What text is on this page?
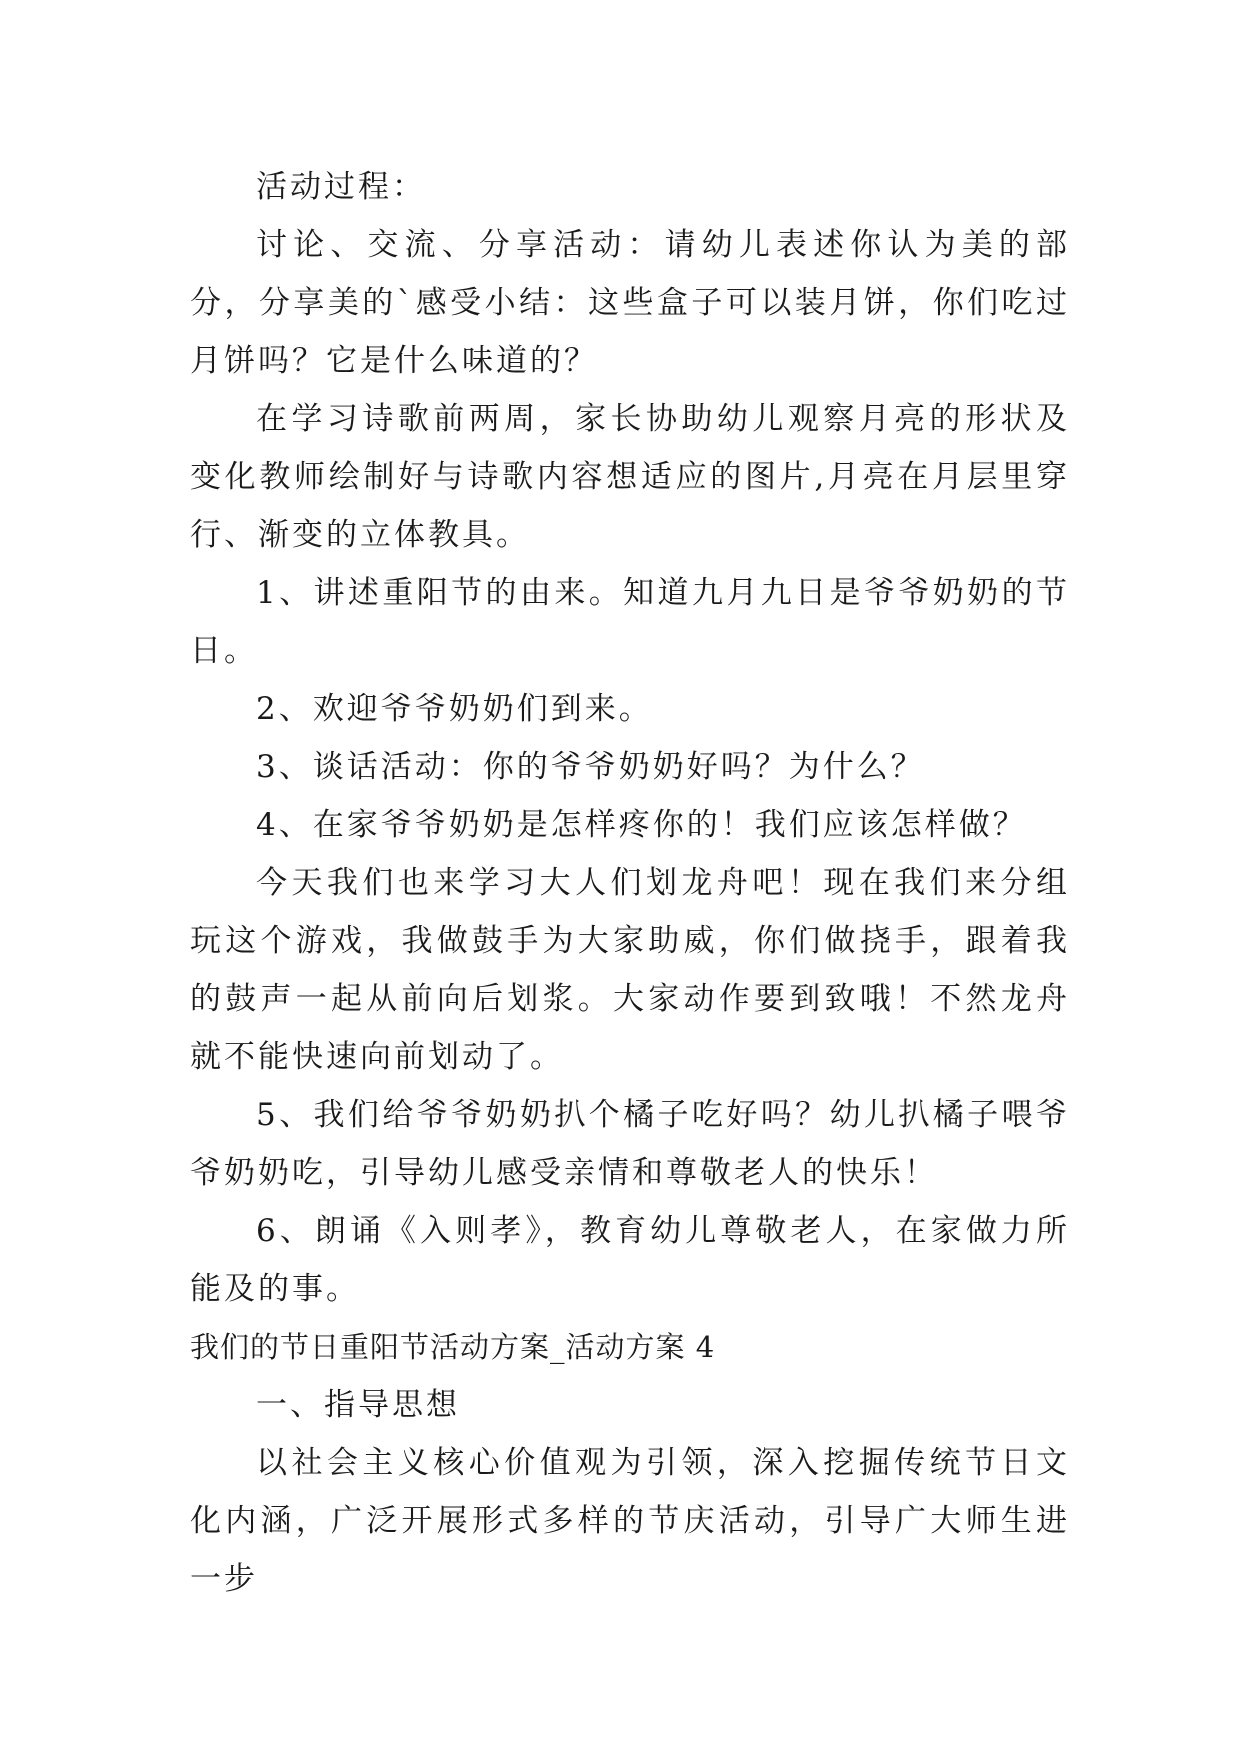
活动过程：

讨论、交流、分享活动：请幼儿表述你认为美的部分，分享美的`感受小结：这些盒子可以装月饼，你们吃过月饼吗？它是什么味道的？

在学习诗歌前两周，家长协助幼儿观察月亮的形状及变化教师绘制好与诗歌内容想适应的图片,月亮在月层里穿行、渐变的立体教具。

1、讲述重阳节的由来。知道九月九日是爷爷奶奶的节日。

2、欢迎爷爷奶奶们到来。

3、谈话活动：你的爷爷奶奶好吗？为什么？

4、在家爷爷奶奶是怎样疼你的！我们应该怎样做？

今天我们也来学习大人们划龙舟吧！现在我们来分组玩这个游戏，我做鼓手为大家助威，你们做挠手，跟着我的鼓声一起从前向后划浆。大家动作要到致哦！不然龙舟就不能快速向前划动了。

5、我们给爷爷奶奶扒个橘子吃好吗？幼儿扒橘子喂爷爷奶奶吃，引导幼儿感受亲情和尊敬老人的快乐！

6、朗诵《入则孝》，教育幼儿尊敬老人，在家做力所能及的事。

我们的节日重阳节活动方案_活动方案 4

一、指导思想

以社会主义核心价值观为引领，深入挖掘传统节日文化内涵，广泛开展形式多样的节庆活动，引导广大师生进一步
